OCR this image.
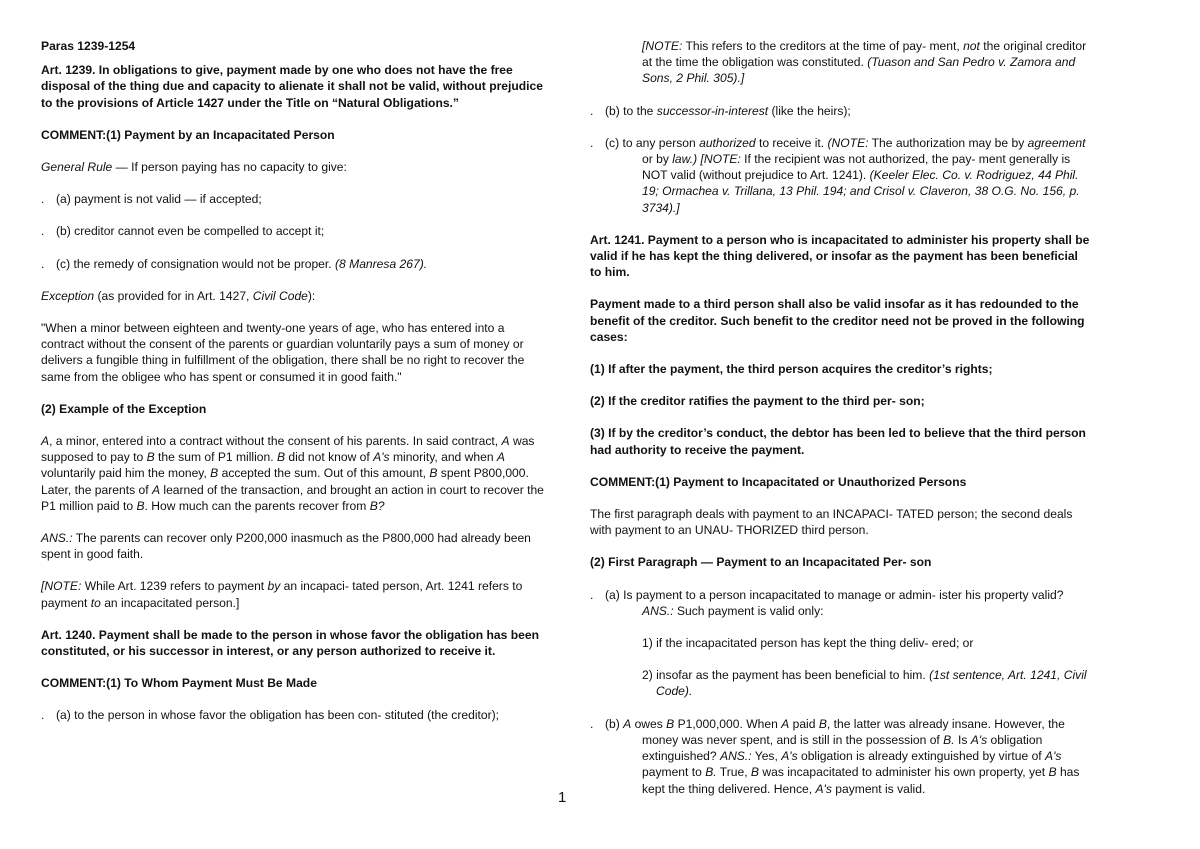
Paras 1239-1254

Art. 1239. In obligations to give, payment made by one who does not have the free disposal of the thing due and capacity to alienate it shall not be valid, without prejudice to the provisions of Article 1427 under the Title on “Natural Obligations.”

COMMENT:(1) Payment by an Incapacitated Person

General Rule — If person paying has no capacity to give:

. (a) payment is not valid — if accepted;

. (b) creditor cannot even be compelled to accept it;

. (c) the remedy of consignation would not be proper. (8 Manresa 267).

Exception (as provided for in Art. 1427, Civil Code):

"When a minor between eighteen and twenty-one years of age, who has entered into a contract without the consent of the parents or guardian voluntarily pays a sum of money or delivers a fungible thing in fulfillment of the obligation, there shall be no right to recover the same from the obligee who has spent or consumed it in good faith."

(2) Example of the Exception

A, a minor, entered into a contract without the consent of his parents. In said contract, A was supposed to pay to B the sum of P1 million. B did not know of A's minority, and when A voluntarily paid him the money, B accepted the sum. Out of this amount, B spent P800,000. Later, the parents of A learned of the transaction, and brought an action in court to recover the P1 million paid to B. How much can the parents recover from B?

ANS.: The parents can recover only P200,000 inasmuch as the P800,000 had already been spent in good faith.

[NOTE: While Art. 1239 refers to payment by an incapaci- tated person, Art. 1241 refers to payment to an incapacitated person.]

Art. 1240. Payment shall be made to the person in whose favor the obligation has been constituted, or his successor in interest, or any person authorized to receive it.

COMMENT:(1) To Whom Payment Must Be Made

. (a) to the person in whose favor the obligation has been con- stituted (the creditor);

[NOTE: This refers to the creditors at the time of pay- ment, not the original creditor at the time the obligation was constituted. (Tuason and San Pedro v. Zamora and Sons, 2 Phil. 305).]

. (b) to the successor-in-interest (like the heirs);

. (c) to any person authorized to receive it. (NOTE: The authorization may be by agreement or by law.) [NOTE: If the recipient was not authorized, the pay- ment generally is NOT valid (without prejudice to Art. 1241). (Keeler Elec. Co. v. Rodriguez, 44 Phil. 19; Ormachea v. Trillana, 13 Phil. 194; and Crisol v. Claveron, 38 O.G. No. 156, p. 3734).]

Art. 1241. Payment to a person who is incapacitated to administer his property shall be valid if he has kept the thing delivered, or insofar as the payment has been beneficial to him.

Payment made to a third person shall also be valid insofar as it has redounded to the benefit of the creditor. Such benefit to the creditor need not be proved in the following cases:

(1) If after the payment, the third person acquires the creditor’s rights;

(2) If the creditor ratifies the payment to the third per- son;

(3) If by the creditor’s conduct, the debtor has been led to believe that the third person had authority to receive the payment.

COMMENT:(1) Payment to Incapacitated or Unauthorized Persons

The first paragraph deals with payment to an INCAPACI- TATED person; the second deals with payment to an UNAU- THORIZED third person.

(2) First Paragraph — Payment to an Incapacitated Per- son

. (a) Is payment to a person incapacitated to manage or admin- ister his property valid? ANS.: Such payment is valid only:

1) if the incapacitated person has kept the thing deliv- ered; or

2) insofar as the payment has been beneficial to him. (1st sentence, Art. 1241, Civil Code).

. (b) A owes B P1,000,000. When A paid B, the latter was already insane. However, the money was never spent, and is still in the possession of B. Is A's obligation extinguished? ANS.: Yes, A's obligation is already extinguished by virtue of A's payment to B. True, B was incapacitated to administer his own property, yet B has kept the thing delivered. Hence, A's payment is valid.

1
